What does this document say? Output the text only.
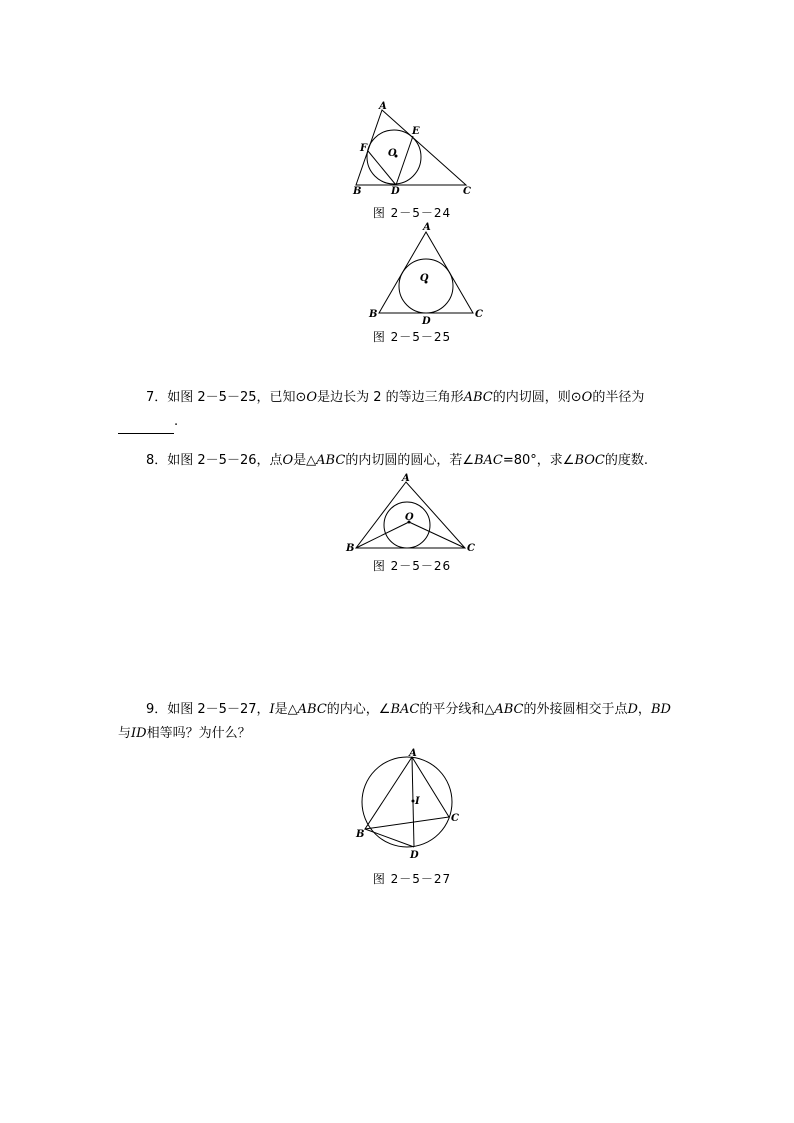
A
E
F O
B	D	C
图 2－5－24
A
O
B
D
C
图 2－5－25
7．如图 2－5－25，已知⊙O是边长为 2 的等边三角形ABC的内切圆，则⊙O的半径为
.
8．如图 2－5－26，点O是△ABC的内切圆的圆心，若∠BAC=80°，求∠BOC的度数.
A
O
B	C
图 2－5－26
9．如图 2－5－27，I是△ABC的内心，∠BAC的平分线和△ABC的外接圆相交于点D，BD
与ID相等吗？为什么？
A
I
B
C
D
图 2－5－27
